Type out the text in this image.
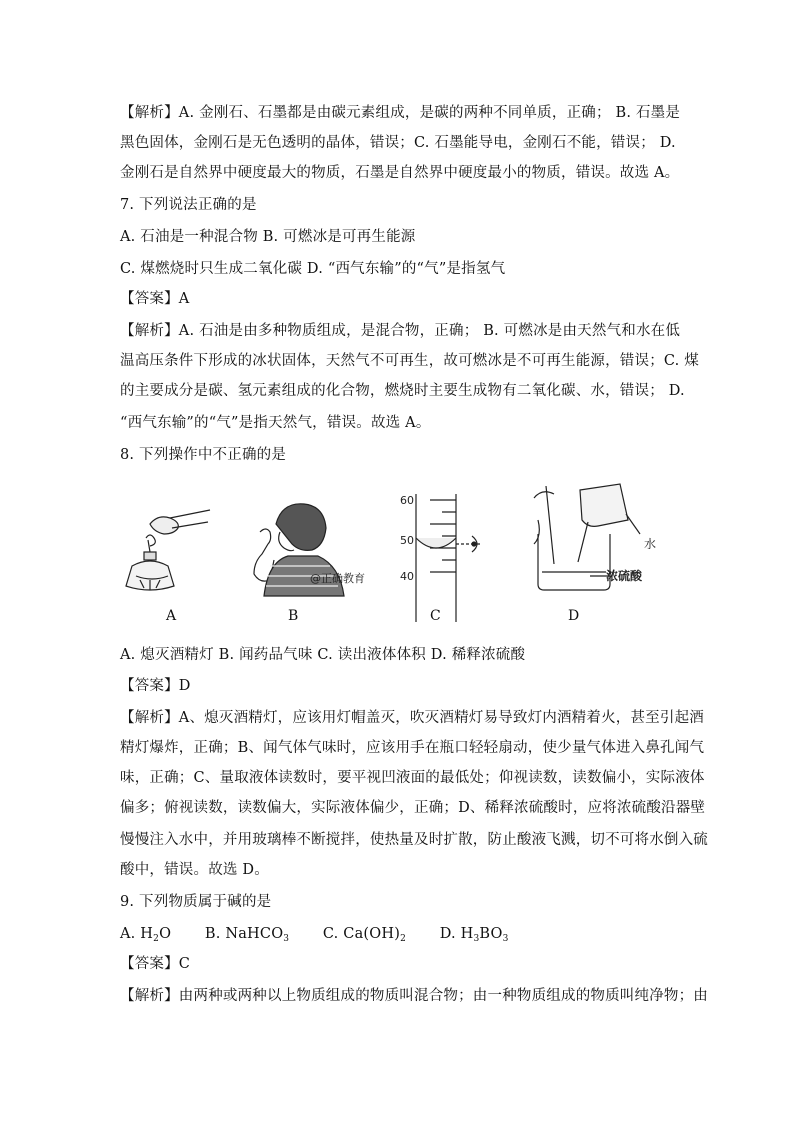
【解析】A. 金刚石、石墨都是由碳元素组成，是碳的两种不同单质，正确； B. 石墨是
黑色固体，金刚石是无色透明的晶体，错误；C. 石墨能导电，金刚石不能，错误； D.
金刚石是自然界中硬度最大的物质，石墨是自然界中硬度最小的物质，错误。故选 A。
7. 下列说法正确的是
A. 石油是一种混合物 B. 可燃冰是可再生能源
C. 煤燃烧时只生成二氧化碳 D. “西气东输”的“气”是指氢气
【答案】A
【解析】A. 石油是由多种物质组成，是混合物，正确； B. 可燃冰是由天然气和水在低
温高压条件下形成的冰状固体，天然气不可再生，故可燃冰是不可再生能源，错误；C. 煤
的主要成分是碳、氢元素组成的化合物，燃烧时主要生成物有二氧化碳、水，错误； D.
“西气东输”的“气”是指天然气，错误。故选 A。
8. 下列操作中不正确的是
60
50
40
水
浓硫酸
@正确教育
A	B	C	D
A. 熄灭酒精灯 B. 闻药品气味 C. 读出液体体积 D. 稀释浓硫酸
【答案】D
【解析】A、熄灭酒精灯，应该用灯帽盖灭，吹灭酒精灯易导致灯内酒精着火，甚至引起酒
精灯爆炸，正确；B、闻气体气味时，应该用手在瓶口轻轻扇动，使少量气体进入鼻孔闻气
味，正确；C、量取液体读数时，要平视凹液面的最低处；仰视读数，读数偏小，实际液体
偏多；俯视读数，读数偏大，实际液体偏少，正确；D、稀释浓硫酸时，应将浓硫酸沿器壁
慢慢注入水中，并用玻璃棒不断搅拌，使热量及时扩散，防止酸液飞溅，切不可将水倒入硫
酸中，错误。故选 D。
9. 下列物质属于碱的是
A. $H_2O$       B. NaHCO$_3$ C. $Ca(OH)_2$ D. $H_3BO_3$
【答案】C
【解析】由两种或两种以上物质组成的物质叫混合物；由一种物质组成的物质叫纯净物；由
